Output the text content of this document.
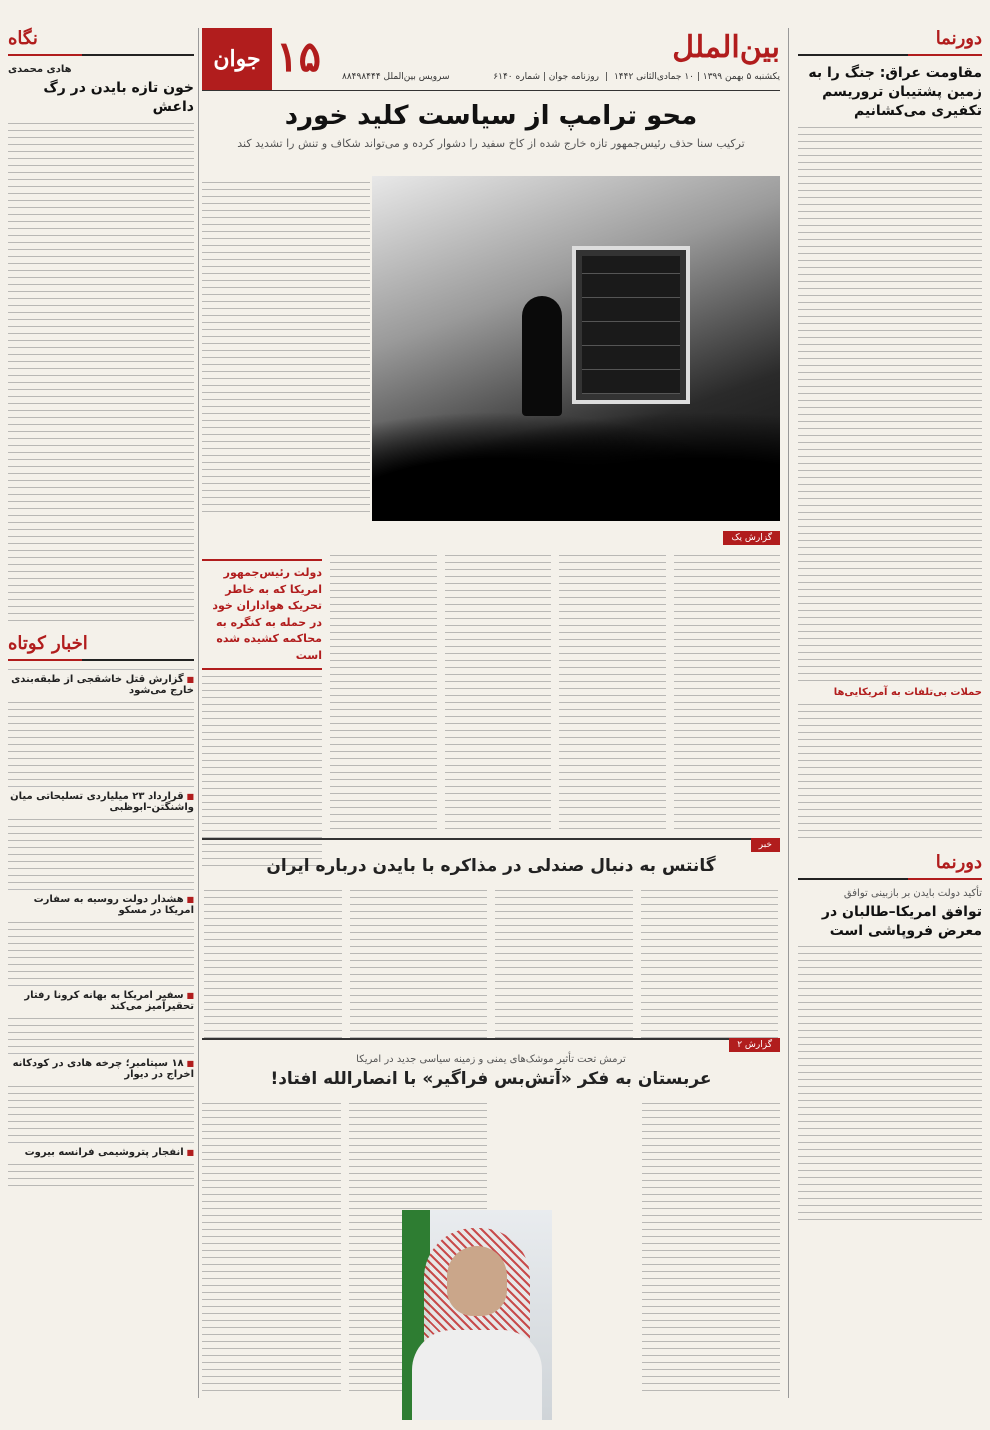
دورنما
مقاومت عراق: جنگ را به زمین پشتیبان تروریسم تکفیری می‌کشانیم
حملات بی‌تلفات به آمریکایی‌ها
دورنما
تأکید دولت بایدن بر بازبینی توافق
توافق امریکا–طالبان در معرض فروپاشی است
جوان ۱۵	بین‌الملل
یکشنبه ۵ بهمن ۱۳۹۹ | ۱۰ جمادی‌الثانی ۱۴۴۲|روزنامه جوان | شماره ۶۱۴۰
سرویس بین‌الملل ۸۸۴۹۸۴۴۴
محو ترامپ از سیاست کلید خورد
ترکیب سنا حذف رئیس‌جمهور تازه خارج شده از کاخ سفید را دشوار کرده و می‌تواند شکاف و تنش را تشدید کند
گزارش یک
دولت رئیس‌جمهور امریکا که به خاطر تحریک هواداران خود در حمله به کنگره به محاکمه کشیده شده است
خبر
گانتس به دنبال صندلی در مذاکره با بایدن درباره ایران
گزارش ۲
ترمش تحت تأثیر موشک‌های یمنی و زمینه سیاسی جدید در امریکا
عربستان به فکر «آتش‌بس فراگیر» با انصارالله افتاد!
نگاه
هادی محمدی
خون تازه بایدن در رگ داعش
اخبار کوتاه
■ گزارش قتل خاشقجی از طبقه‌بندی خارج می‌شود
■ قرارداد ۲۳ میلیاردی تسلیحاتی میان واشنگتن–ابوظبی
■ هشدار دولت روسیه به سفارت امریکا در مسکو
■ سفیر امریکا به بهانه کرونا رفتار تحقیرآمیز می‌کند
■ ۱۸ سپتامبر؛ چرخه هادی در کودکانه اخراج در دیوار
■ انفجار پتروشیمی فرانسه بیروت
